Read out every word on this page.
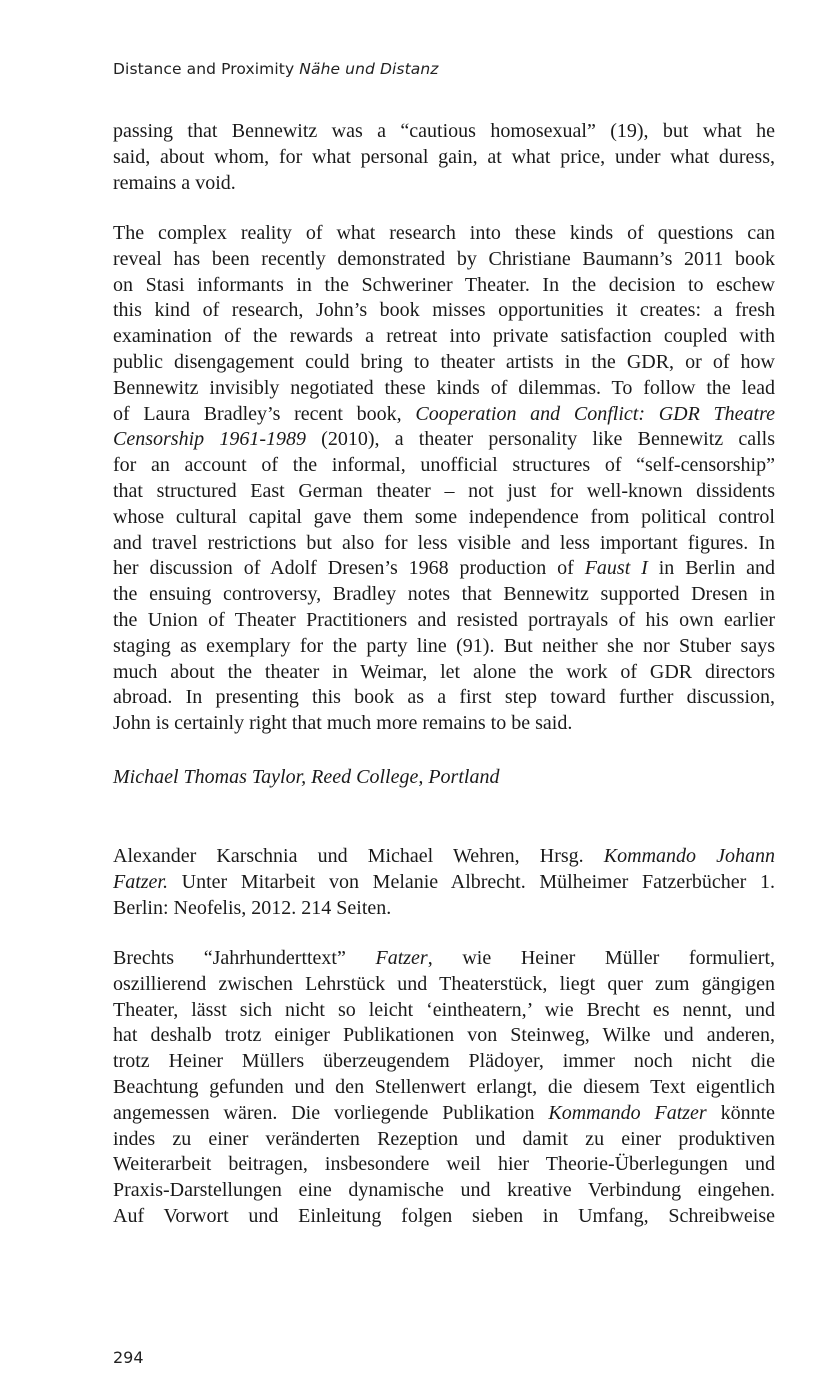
Distance and Proximity Nähe und Distanz
passing that Bennewitz was a “cautious homosexual” (19), but what he
said, about whom, for what personal gain, at what price, under what duress,
remains a void.
The complex reality of what research into these kinds of questions can
reveal has been recently demonstrated by Christiane Baumann’s 2011 book
on Stasi informants in the Schweriner Theater. In the decision to eschew
this kind of research, John’s book misses opportunities it creates: a fresh
examination of the rewards a retreat into private satisfaction coupled with
public disengagement could bring to theater artists in the GDR, or of how
Bennewitz invisibly negotiated these kinds of dilemmas. To follow the lead
of Laura Bradley’s recent book, Cooperation and Conflict: GDR Theatre
Censorship 1961-1989 (2010), a theater personality like Bennewitz calls
for an account of the informal, unofficial structures of “self-censorship”
that structured East German theater – not just for well-known dissidents
whose cultural capital gave them some independence from political control
and travel restrictions but also for less visible and less important figures. In
her discussion of Adolf Dresen’s 1968 production of Faust I in Berlin and
the ensuing controversy, Bradley notes that Bennewitz supported Dresen in
the Union of Theater Practitioners and resisted portrayals of his own earlier
staging as exemplary for the party line (91). But neither she nor Stuber says
much about the theater in Weimar, let alone the work of GDR directors
abroad. In presenting this book as a first step toward further discussion,
John is certainly right that much more remains to be said.
Michael Thomas Taylor, Reed College, Portland
Alexander Karschnia und Michael Wehren, Hrsg. Kommando Johann
Fatzer. Unter Mitarbeit von Melanie Albrecht. Mülheimer Fatzerbücher 1.
Berlin: Neofelis, 2012. 214 Seiten.
Brechts “Jahrhunderttext” Fatzer, wie Heiner Müller formuliert,
oszillierend zwischen Lehrstück und Theaterstück, liegt quer zum gängigen
Theater, lässt sich nicht so leicht ‘eintheatern,’ wie Brecht es nennt, und
hat deshalb trotz einiger Publikationen von Steinweg, Wilke und anderen,
trotz Heiner Müllers überzeugendem Plädoyer, immer noch nicht die
Beachtung gefunden und den Stellenwert erlangt, die diesem Text eigentlich
angemessen wären. Die vorliegende Publikation Kommando Fatzer könnte
indes zu einer veränderten Rezeption und damit zu einer produktiven
Weiterarbeit beitragen, insbesondere weil hier Theorie-Überlegungen und
Praxis-Darstellungen eine dynamische und kreative Verbindung eingehen.
Auf Vorwort und Einleitung folgen sieben in Umfang, Schreibweise
294
